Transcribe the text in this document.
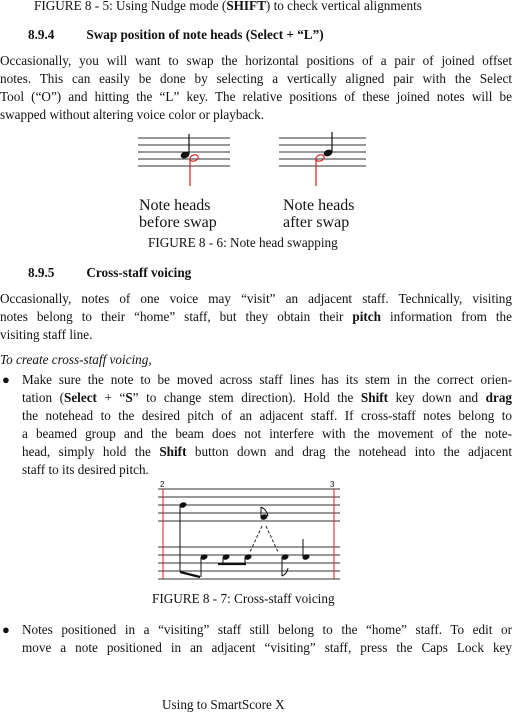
FIGURE 8 - 5: Using Nudge mode (SHIFT) to check vertical alignments
8.9.4 Swap position of note heads (Select + “L”)
Occasionally, you will want to swap the horizontal positions of a pair of joined offset
notes. This can easily be done by selecting a vertically aligned pair with the Select
Tool (“O”) and hitting the “L” key. The relative positions of these joined notes will be
swapped without altering voice color or playback.
Note heads
before swap
Note heads
after swap
FIGURE 8 - 6: Note head swapping
8.9.5 Cross-staff voicing
Occasionally, notes of one voice may “visit” an adjacent staff. Technically, visiting
notes belong to their “home” staff, but they obtain their pitch information from the
visiting staff line.
To create cross-staff voicing,
● Make sure the note to be moved across staff lines has its stem in the correct orien-
tation (Select + “S” to change stem direction). Hold the Shift key down and drag
the notehead to the desired pitch of an adjacent staff. If cross-staff notes belong to
a beamed group and the beam does not interfere with the movement of the note-
head, simply hold the Shift button down and drag the notehead into the adjacent
staff to its desired pitch.
2	3
FIGURE 8 - 7: Cross-staff voicing
● Notes positioned in a “visiting” staff still belong to the “home” staff. To edit or
move a note positioned in an adjacent “visiting” staff, press the Caps Lock key
Using to SmartScore X
